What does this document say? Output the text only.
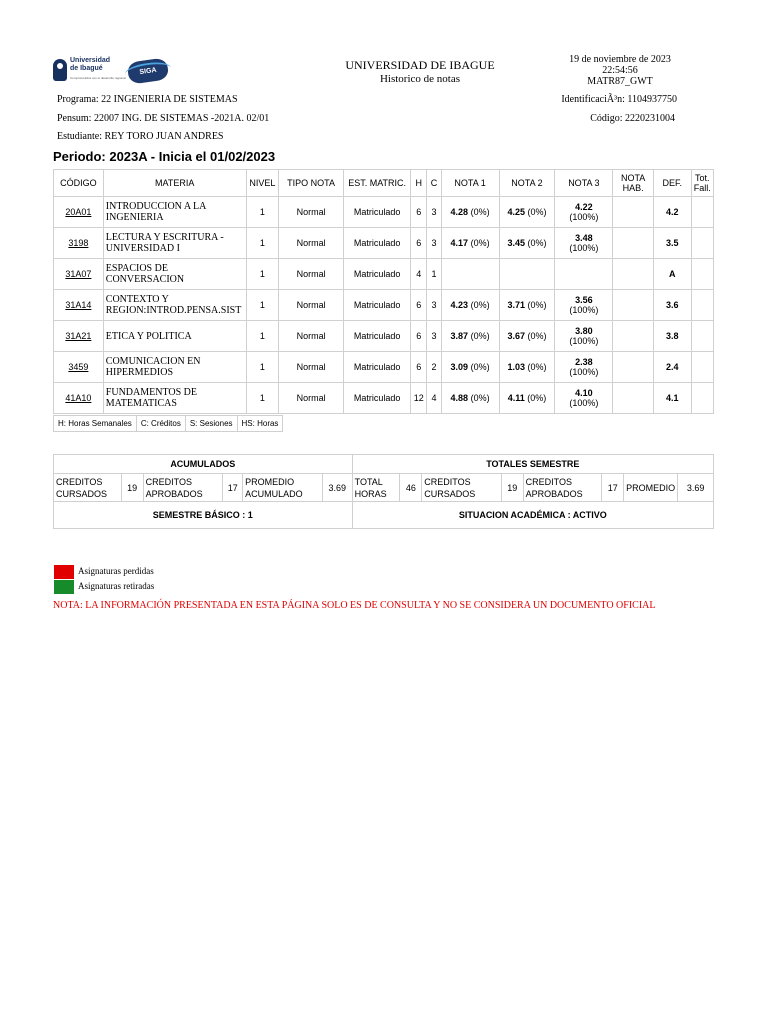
Universidad
de Ibagué
Comprometidos con el desarrollo regional
SIGA	UNIVERSIDAD DE IBAGUE
Historico de notas
19 de noviembre de 2023
22:54:56
MATR87_GWT
Programa: 22 INGENIERIA DE SISTEMAS
Pensum: 22007 ING. DE SISTEMAS -2021A. 02/01
Estudiante: REY TORO JUAN ANDRES
IdentificaciÃ³n: 1104937750
Código: 2220231004
Periodo: 2023A - Inicia el 01/02/2023
CÓDIGO	MATERIA	NIVEL	TIPO NOTA	EST. MATRIC.	H	C	NOTA 1	NOTA 2	NOTA 3	NOTA HAB.	DEF.	Tot. Fall.
20A01	INTRODUCCION A LA INGENIERIA	1	Normal	Matriculado	6	3	4.28 (0%)	4.25 (0%)	4.22
(100%)		4.2	
3198	LECTURA Y ESCRITURA - UNIVERSIDAD I	1	Normal	Matriculado	6	3	4.17 (0%)	3.45 (0%)	3.48
(100%)		3.5	
31A07	ESPACIOS DE CONVERSACION	1	Normal	Matriculado	4	1					A	
31A14	CONTEXTO Y REGION:INTROD.PENSA.SIST	1	Normal	Matriculado	6	3	4.23 (0%)	3.71 (0%)	3.56
(100%)		3.6	
31A21	ETICA Y POLITICA	1	Normal	Matriculado	6	3	3.87 (0%)	3.67 (0%)	3.80
(100%)		3.8	
3459	COMUNICACION EN HIPERMEDIOS	1	Normal	Matriculado	6	2	3.09 (0%)	1.03 (0%)	2.38
(100%)		2.4	
41A10	FUNDAMENTOS DE MATEMATICAS	1	Normal	Matriculado	12	4	4.88 (0%)	4.11 (0%)	4.10
(100%)		4.1	
H: Horas Semanales	C: Créditos	S: Sesiones	HS: Horas
ACUMULADOS						TOTALES SEMESTRE							
CREDITOS CURSADOS	19	CREDITOS APROBADOS	17	PROMEDIO ACUMULADO	3.69	TOTAL HORAS	46	CREDITOS CURSADOS	19	CREDITOS APROBADOS	17	PROMEDIO	3.69
SEMESTRE BÁSICO : 1						SITUACION ACADÉMICA : ACTIVO							
Asignaturas perdidas
Asignaturas retiradas
NOTA: LA INFORMACIÓN PRESENTADA EN ESTA PÁGINA SOLO ES DE CONSULTA Y NO SE CONSIDERA UN DOCUMENTO OFICIAL
